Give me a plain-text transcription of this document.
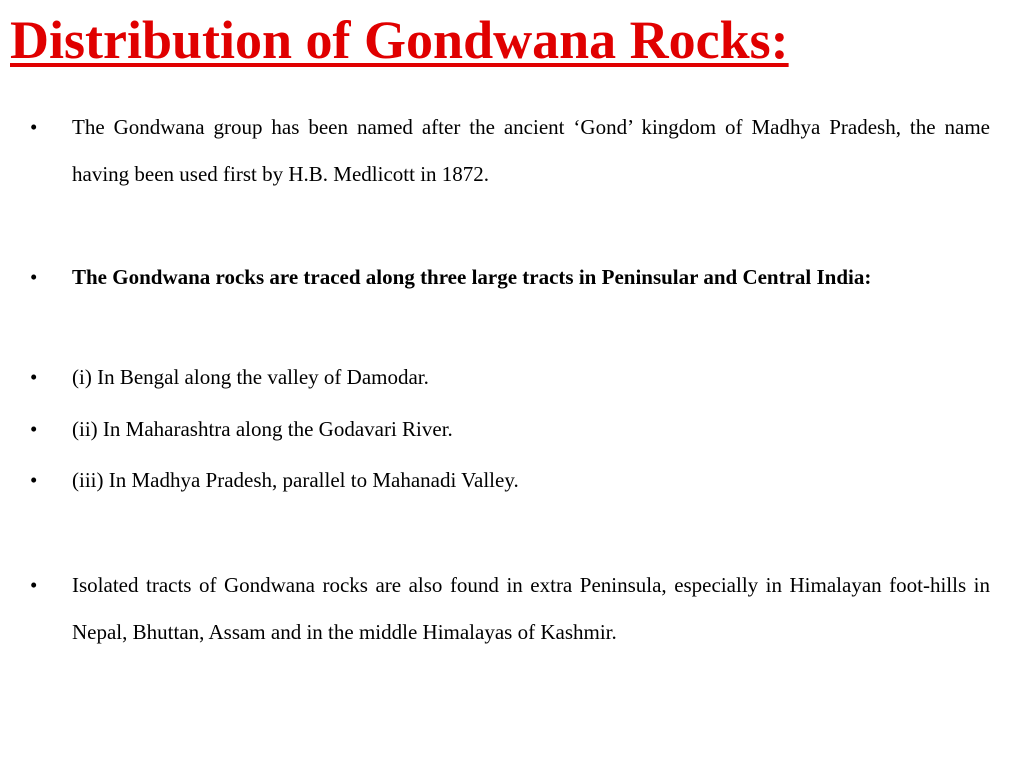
Distribution of Gondwana Rocks:
• The Gondwana group has been named after the ancient ‘Gond’ kingdom of Madhya Pradesh, the name having been used first by H.B. Medlicott in 1872.
• The Gondwana rocks are traced along three large tracts in Peninsular and Central India:
• (i) In Bengal along the valley of Damodar.
• (ii) In Maharashtra along the Godavari River.
• (iii) In Madhya Pradesh, parallel to Mahanadi Valley.
• Isolated tracts of Gondwana rocks are also found in extra Peninsula, especially in Himalayan foot-hills in Nepal, Bhuttan, Assam and in the middle Himalayas of Kashmir.
